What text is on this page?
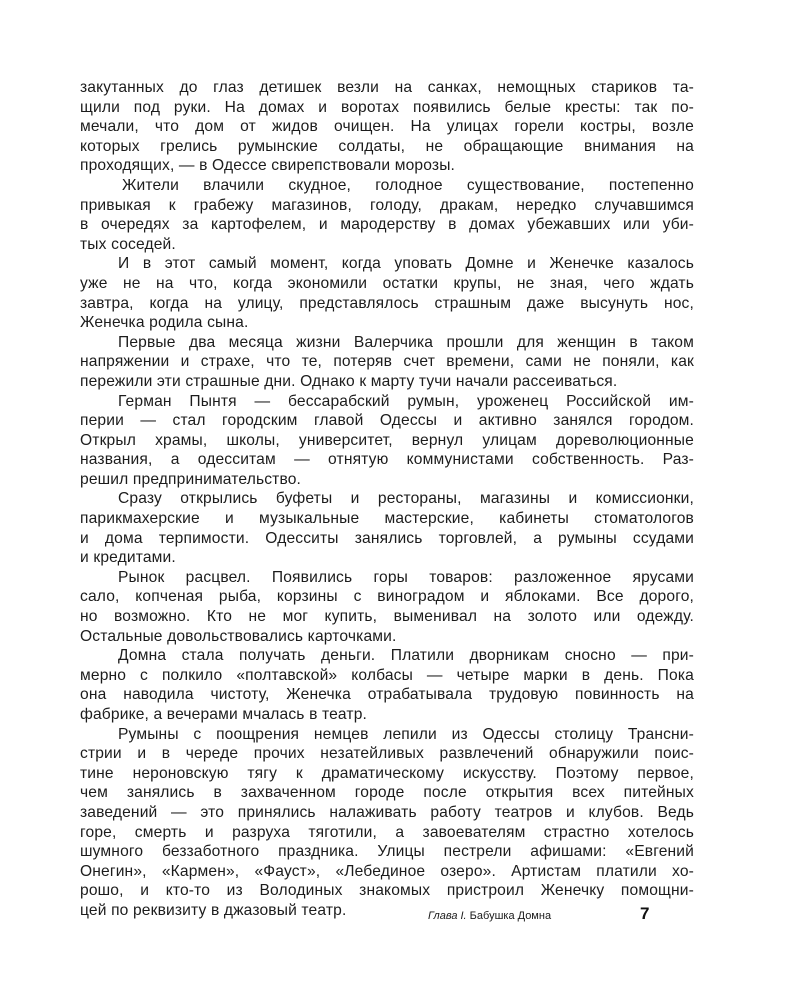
закутанных до глаз детишек везли на санках, немощных стариков та-
щили под руки. На домах и воротах появились белые кресты: так по-
мечали, что дом от жидов очищен. На улицах горели костры, возле
которых грелись румынские солдаты, не обращающие внимания на
проходящих, — в Одессе свирепствовали морозы.
Жители влачили скудное, голодное существование, постепенно
привыкая к грабежу магазинов, голоду, дракам, нередко случавшимся
в очередях за картофелем, и мародерству в домах убежавших или уби-
тых соседей.
И в этот самый момент, когда уповать Домне и Женечке казалось
уже не на что, когда экономили остатки крупы, не зная, чего ждать
завтра, когда на улицу, представлялось страшным даже высунуть нос,
Женечка родила сына.
Первые два месяца жизни Валерчика прошли для женщин в таком
напряжении и страхе, что те, потеряв счет времени, сами не поняли, как
пережили эти страшные дни. Однако к марту тучи начали рассеиваться.
Герман Пынтя — бессарабский румын, уроженец Российской им-
перии — стал городским главой Одессы и активно занялся городом.
Открыл храмы, школы, университет, вернул улицам дореволюционные
названия, а одесситам — отнятую коммунистами собственность. Раз-
решил предпринимательство.
Сразу открылись буфеты и рестораны, магазины и комиссионки,
парикмахерские и музыкальные мастерские, кабинеты стоматологов
и дома терпимости. Одесситы занялись торговлей, а румыны ссудами
и кредитами.
Рынок расцвел. Появились горы товаров: разложенное ярусами
сало, копченая рыба, корзины с виноградом и яблоками. Все дорого,
но возможно. Кто не мог купить, выменивал на золото или одежду.
Остальные довольствовались карточками.
Домна стала получать деньги. Платили дворникам сносно — при-
мерно с полкило «полтавской» колбасы — четыре марки в день. Пока
она наводила чистоту, Женечка отрабатывала трудовую повинность на
фабрике, а вечерами мчалась в театр.
Румыны с поощрения немцев лепили из Одессы столицу Трансни-
стрии и в череде прочих незатейливых развлечений обнаружили поис-
тине нероновскую тягу к драматическому искусству. Поэтому первое,
чем занялись в захваченном городе после открытия всех питейных
заведений — это принялись налаживать работу театров и клубов. Ведь
горе, смерть и разруха тяготили, а завоевателям страстно хотелось
шумного беззаботного праздника. Улицы пестрели афишами: «Евгений
Онегин», «Кармен», «Фауст», «Лебединое озеро». Артистам платили хо-
рошо, и кто-то из Володиных знакомых пристроил Женечку помощни-
цей по реквизиту в джазовый театр.	Глава I. Бабушка Домна	7
